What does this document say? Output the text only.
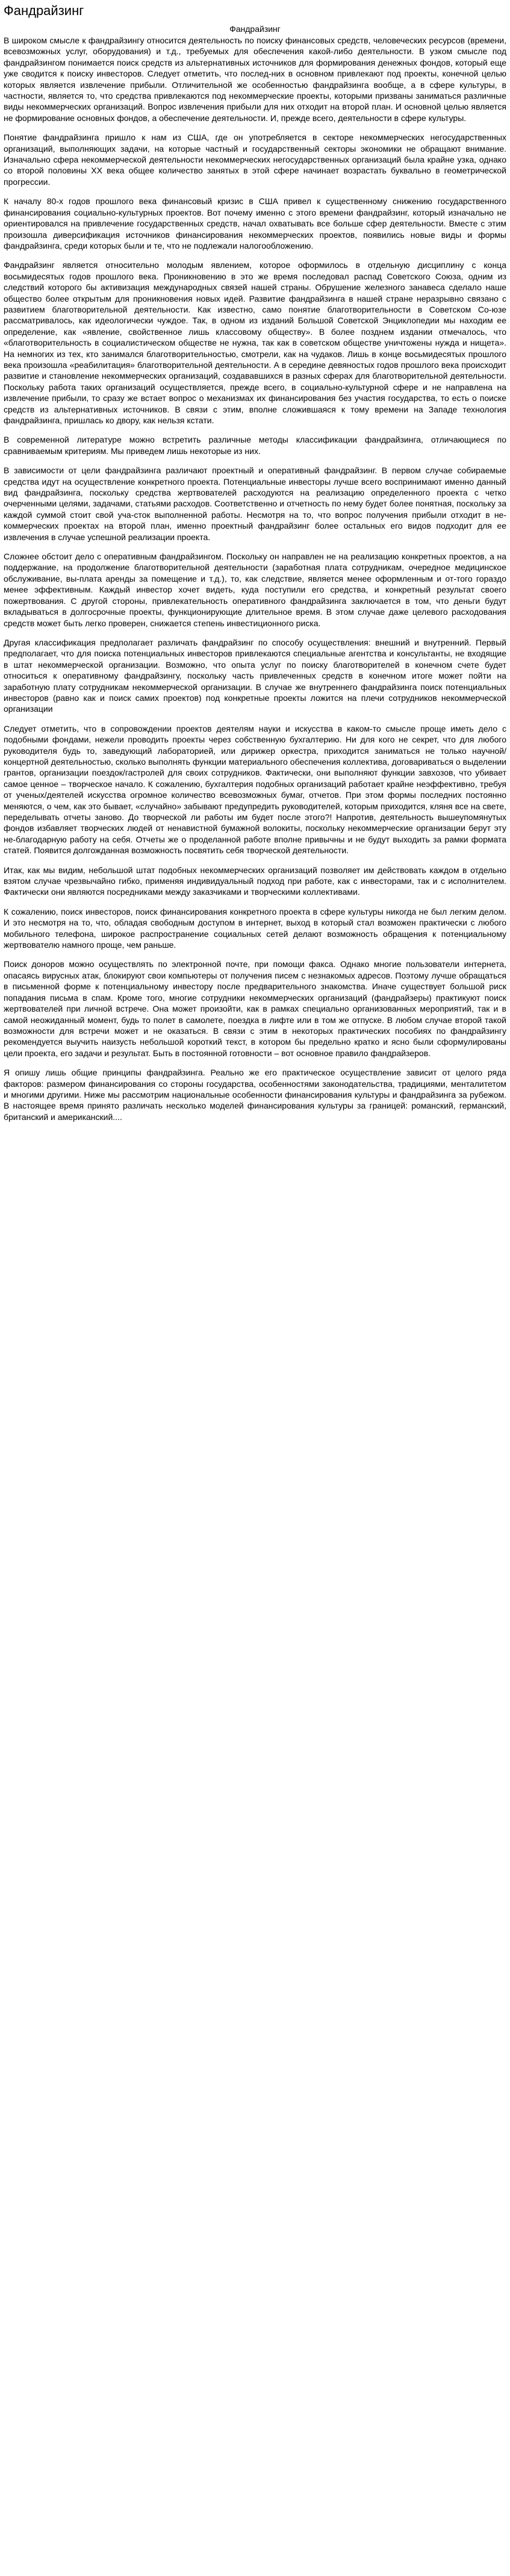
Фандрайзинг

Фандрайзинг

В широком смысле к фандрайзингу относится деятельность по поиску финансовых средств, человеческих ресурсов (времени, всевозможных услуг, оборудования) и т.д., требуемых для обеспечения какой-либо деятельности. В узком смысле под фандрайзингом понимается поиск средств из альтернативных источников для формирования денежных фондов, который еще уже сводится к поиску инвесторов. Следует отметить, что послед-них в основном привлекают под проекты, конечной целью которых является извлечение прибыли. Отличительной же особенностью фандрайзинга вообще, а в сфере культуры, в частности, является то, что средства привлекаются под некоммерческие проекты, которыми призваны заниматься различные виды некоммерческих организаций. Вопрос извлечения прибыли для них отходит на второй план. И основной целью является не формирование основных фондов, а обеспечение деятельности. И, прежде всего, деятельности в сфере культуры.

Понятие фандрайзинга пришло к нам из США, где он употребляется в секторе некоммерческих негосударственных организаций, выполняющих задачи, на которые частный и государственный секторы экономики не обращают внимание. Изначально сфера некоммерческой деятельности некоммерческих негосударственных организаций была крайне узка, однако со второй половины XX века общее количество занятых в этой сфере начинает возрастать буквально в геометрической прогрессии.

К началу 80-х годов прошлого века финансовый кризис в США привел к существенному снижению государственного финансирования социально-культурных проектов. Вот почему именно с этого времени фандрайзинг, который изначально не ориентировался на привлечение государственных средств, начал охватывать все больше сфер деятельности. Вместе с этим произошла диверсификация источников финансирования некоммерческих проектов, появились новые виды и формы фандрайзинга, среди которых были и те, что не подлежали налогообложению.

Фандрайзинг является относительно молодым явлением, которое оформилось в отдельную дисциплину с конца восьмидесятых годов прошлого века. Проникновению в это же время последовал распад Советского Союза, одним из следствий которого бы активизация международных связей нашей страны. Обрушение железного занавеса сделало наше общество более открытым для проникновения новых идей. Развитие фандрайзинга в нашей стране неразрывно связано с развитием благотворительной деятельности. Как известно, само понятие благотворительности в Советском Со-юзе рассматривалось, как идеологически чуждое. Так, в одном из изданий Большой Советской Энциклопедии мы находим ее определение, как «явление, свойственное лишь классовому обществу». В более позднем издании отмечалось, что «благотворительность в социалистическом обществе не нужна, так как в советском обществе уничтожены нужда и нищета». На немногих из тех, кто занимался благотворительностью, смотрели, как на чудаков. Лишь в конце восьмидесятых прошлого века произошла «реабилитация» благотворительной деятельности. А в середине девяностых годов прошлого века происходит развитие и становление некоммерческих организаций, создававшихся в разных сферах для благотворительной деятельности. Поскольку работа таких организаций осуществляется, прежде всего, в социально-культурной сфере и не направлена на извлечение прибыли, то сразу же встает вопрос о механизмах их финансирования без участия государства, то есть о поиске средств из альтернативных источников. В связи с этим, вполне сложившаяся к тому времени на Западе технология фандрайзинга, пришлась ко двору, как нельзя кстати.

В современной литературе можно встретить различные методы классификации фандрайзинга, отличающиеся по сравниваемым критериям. Мы приведем лишь некоторые из них.

В зависимости от цели фандрайзинга различают проектный и оперативный фандрайзинг. В первом случае собираемые средства идут на осуществление конкретного проекта. Потенциальные инвесторы лучше всего воспринимают именно данный вид фандрайзинга, поскольку средства жертвователей расходуются на реализацию определенного проекта с четко очерченными целями, задачами, статьями расходов. Соответственно и отчетность по нему будет более понятная, поскольку за каждой суммой стоит свой уча-сток выполненной работы. Несмотря на то, что вопрос получения прибыли отходит в не-коммерческих проектах на второй план, именно проектный фандрайзинг более остальных его видов подходит для ее извлечения в случае успешной реализации проекта.

Сложнее обстоит дело с оперативным фандрайзингом. Поскольку он направлен не на реализацию конкретных проектов, а на поддержание, на продолжение благотворительной деятельности (заработная плата сотрудникам, очередное медицинское обслуживание, вы-плата аренды за помещение и т.д.), то, как следствие, является менее оформленным и от-того гораздо менее эффективным. Каждый инвестор хочет видеть, куда поступили его средства, и конкретный результат своего пожертвования. С другой стороны, привлекательность оперативного фандрайзинга заключается в том, что деньги будут вкладываться в долгосрочные проекты, функционирующие длительное время. В этом случае даже целевого расходования средств может быть легко проверен, снижается степень инвестиционного риска.

Другая классификация предполагает различать фандрайзинг по способу осуществления: внешний и внутренний. Первый предполагает, что для поиска потенциальных инвесторов привлекаются специальные агентства и консультанты, не входящие в штат некоммерческой организации. Возможно, что опыта услуг по поиску благотворителей в конечном счете будет относиться к оперативному фандрайзингу, поскольку часть привлеченных средств в конечном итоге может пойти на заработную плату сотрудникам некоммерческой организации. В случае же внутреннего фандрайзинга поиск потенциальных инвесторов (равно как и поиск самих проектов) под конкретные проекты ложится на плечи сотрудников некоммерческой организации

Следует отметить, что в сопровождении проектов деятелям науки и искусства в каком-то смысле проще иметь дело с подобными фондами, нежели проводить проекты через собственную бухгалтерию. Ни для кого не секрет, что для любого руководителя будь то, заведующий лабораторией, или дирижер оркестра, приходится заниматься не только научной/концертной деятельностью, сколько выполнять функции материального обеспечения коллектива, договариваться о выделении грантов, организации поездок/гастролей для своих сотрудников. Фактически, они выполняют функции завхозов, что убивает самое ценное – творческое начало. К сожалению, бухгалтерия подобных организаций работает крайне неэффективно, требуя от ученых/деятелей искусства огромное количество всевозможных бумаг, отчетов. При этом формы последних постоянно меняются, о чем, как это бывает, «случайно» забывают предупредить руководителей, которым приходится, кляня все на свете, переделывать отчеты заново. До творческой ли работы им будет после этого?! Напротив, деятельность вышеупомянутых фондов избавляет творческих людей от ненавистной бумажной волокиты, поскольку некоммерческие организации берут эту не-благодарную работу на себя. Отчеты же о проделанной работе вполне привычны и не будут выходить за рамки формата статей. Появится долгожданная возможность посвятить себя творческой деятельности.

Итак, как мы видим, небольшой штат подобных некоммерческих организаций позволяет им действовать каждом в отдельно взятом случае чрезвычайно гибко, применяя индивидуальный подход при работе, как с инвесторами, так и с исполнителем. Фактически они являются посредниками между заказчиками и творческими коллективами.

К сожалению, поиск инвесторов, поиск финансирования конкретного проекта в сфере культуры никогда не был легким делом. И это несмотря на то, что, обладая свободным доступом в интернет, выход в который стал возможен практически с любого мобильного телефона, широкое распространение социальных сетей делают возможность обращения к потенциальному жертвователю намного проще, чем раньше.

Поиск доноров можно осуществлять по электронной почте, при помощи факса. Однако многие пользователи интернета, опасаясь вирусных атак, блокируют свои компьютеры от получения писем с незнакомых адресов. Поэтому лучше обращаться в письменной форме к потенциальному инвестору после предварительного знакомства. Иначе существует большой риск попадания письма в спам. Кроме того, многие сотрудники некоммерческих организаций (фандрайзеры) практикуют поиск жертвователей при личной встрече. Она может произойти, как в рамках специально организованных мероприятий, так и в самой неожиданный момент, будь то полет в самолете, поездка в лифте или в том же отпуске. В любом случае второй такой возможности для встречи может и не оказаться. В связи с этим в некоторых практических пособиях по фандрайзингу рекомендуется выучить наизусть небольшой короткий текст, в котором бы предельно кратко и ясно были сформулированы цели проекта, его задачи и результат. Быть в постоянной готовности – вот основное правило фандрайзеров.

Я опишу лишь общие принципы фандрайзинга. Реально же его практическое осуществление зависит от целого ряда факторов: размером финансирования со стороны государства, особенностями законодательства, традициями, менталитетом и многими другими. Ниже мы рассмотрим национальные особенности финансирования культуры и фандрайзинга за рубежом. В настоящее время принято различать несколько моделей финансирования культуры за границей: романский, германский, британский и американский....
